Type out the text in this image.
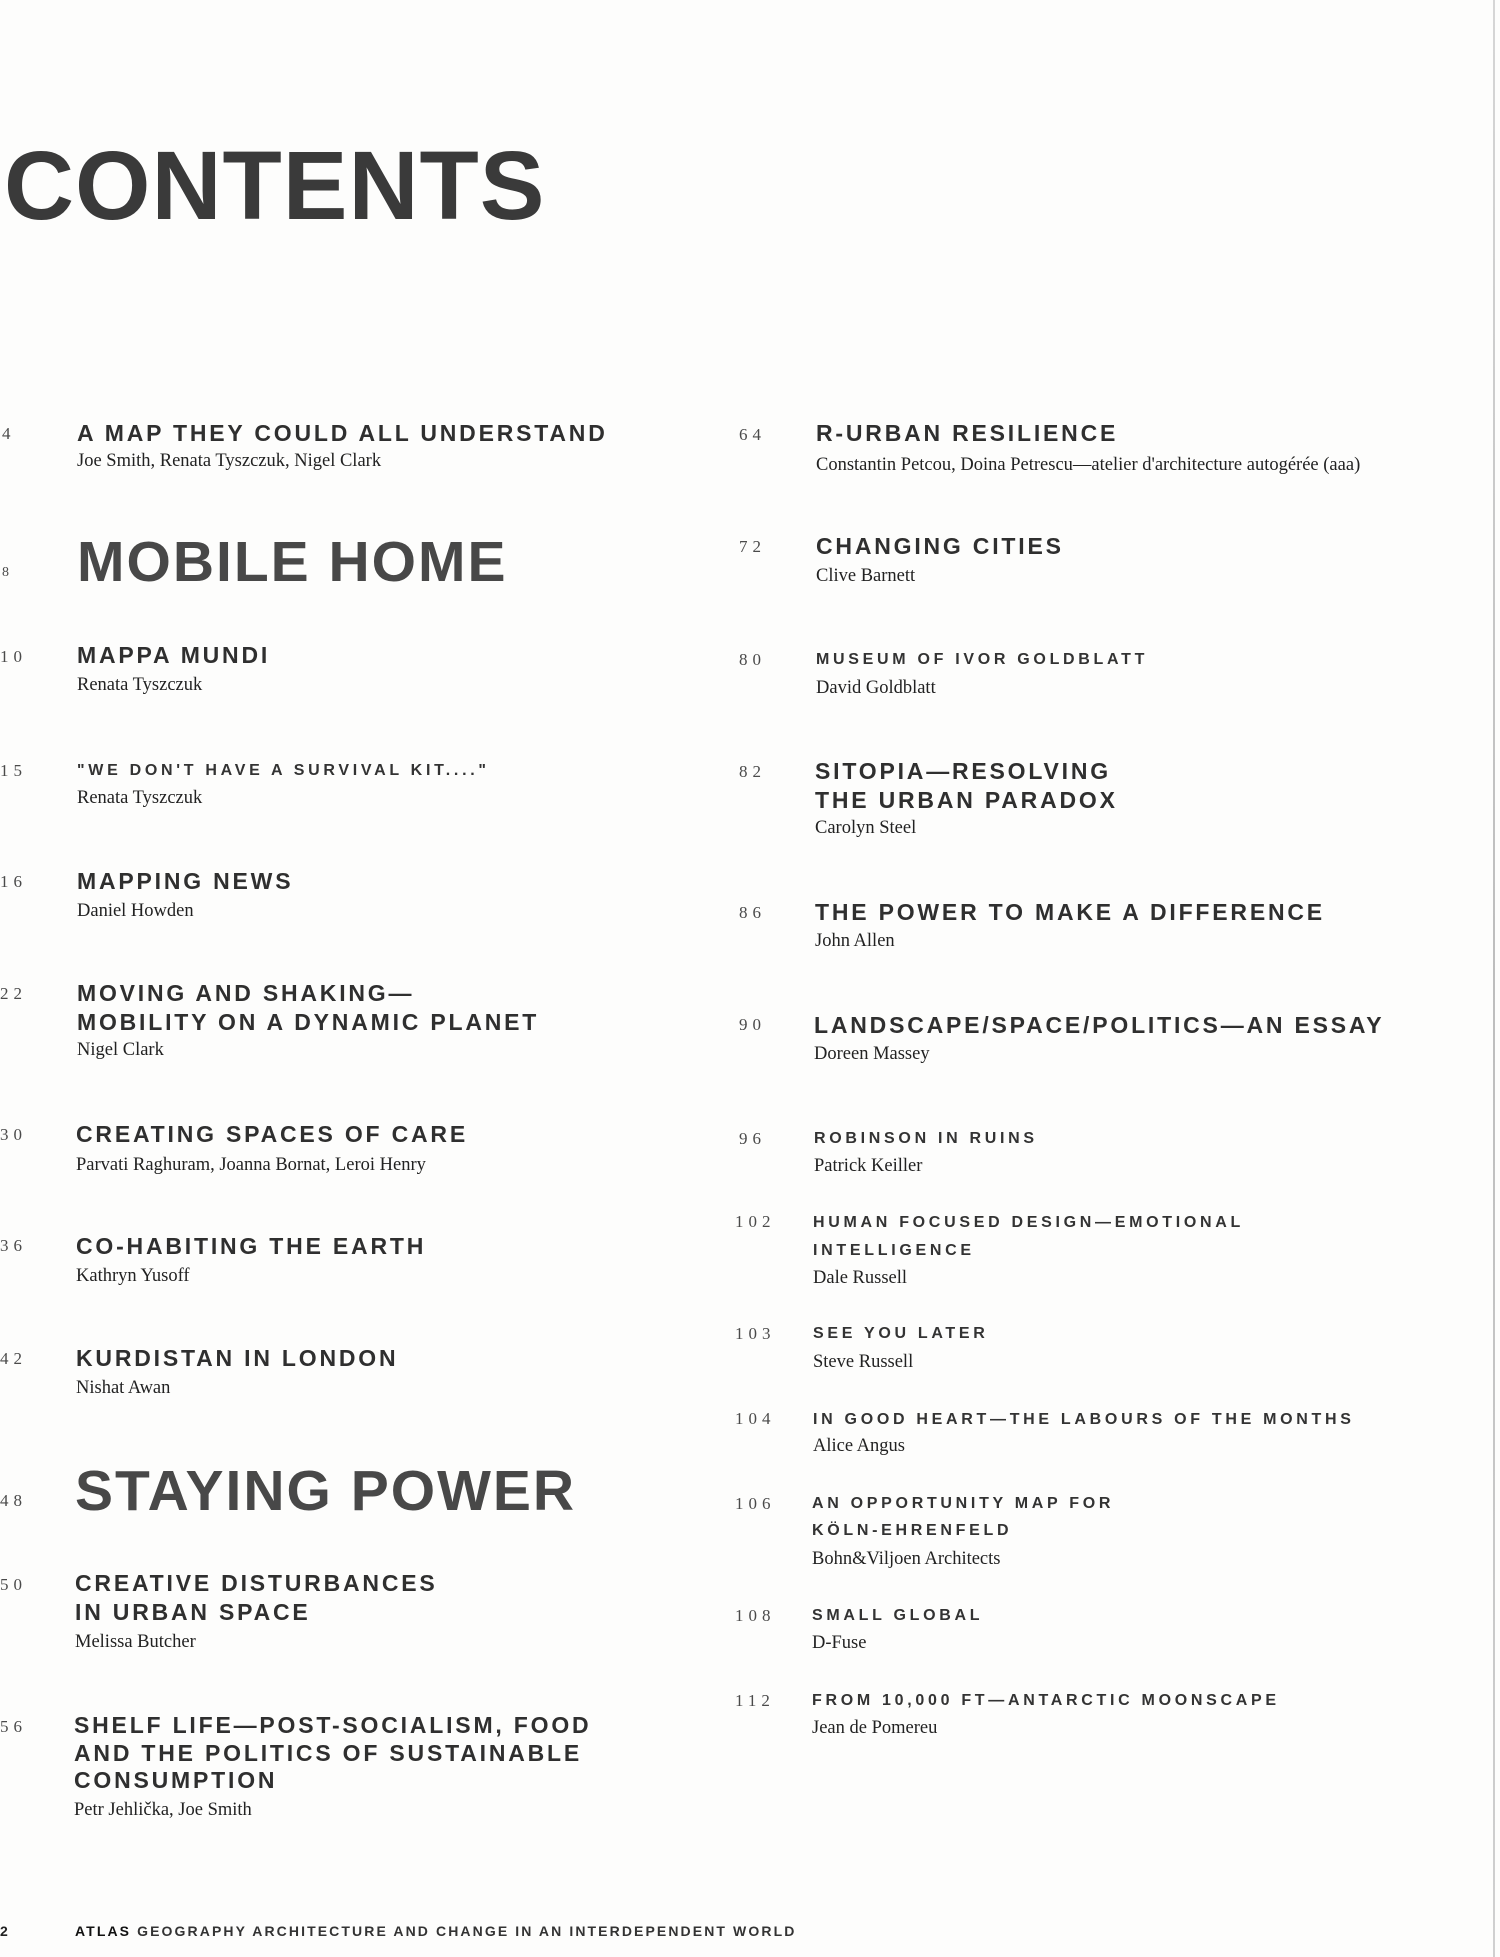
CONTENTS
4	A MAP THEY COULD ALL UNDERSTAND
Joe Smith, Renata Tyszczuk, Nigel Clark
8 MOBILE HOME
10 MAPPA MUNDI
Renata Tyszczuk
15	"WE DON'T HAVE A SURVIVAL KIT...."
Renata Tyszczuk
16 MAPPING NEWS
Daniel Howden
22 MOVING AND SHAKING—
MOBILITY ON A DYNAMIC PLANET
Nigel Clark
30 CREATING SPACES OF CARE
Parvati Raghuram, Joanna Bornat, Leroi Henry
36 CO-HABITING THE EARTH
Kathryn Yusoff
42 KURDISTAN IN LONDON
Nishat Awan
48 STAYING POWER
50 CREATIVE DISTURBANCES
IN URBAN SPACE
Melissa Butcher
56 SHELF LIFE—POST-SOCIALISM, FOOD
AND THE POLITICS OF SUSTAINABLE
CONSUMPTION
Petr Jehlička, Joe Smith
64 R-URBAN RESILIENCE
Constantin Petcou, Doina Petrescu—atelier d'architecture autogérée (aaa)
72 CHANGING CITIES
Clive Barnett
80	MUSEUM OF IVOR GOLDBLATT
David Goldblatt
82 SITOPIA—RESOLVING
THE URBAN PARADOX
Carolyn Steel
86 THE POWER TO MAKE A DIFFERENCE
John Allen
90 LANDSCAPE/SPACE/POLITICS—AN ESSAY
Doreen Massey
96	ROBINSON IN RUINS
Patrick Keiller
102 HUMAN FOCUSED DESIGN—EMOTIONAL
INTELLIGENCE
Dale Russell
103 SEE YOU LATER
Steve Russell
104 IN GOOD HEART—THE LABOURS OF THE MONTHS
Alice Angus
106 AN OPPORTUNITY MAP FOR
KÖLN-EHRENFELD
Bohn&Viljoen Architects
108 SMALL GLOBAL
D-Fuse
112 FROM 10,000 FT—ANTARCTIC MOONSCAPE
Jean de Pomereu
2	ATLAS GEOGRAPHY ARCHITECTURE AND CHANGE IN AN INTERDEPENDENT WORLD
